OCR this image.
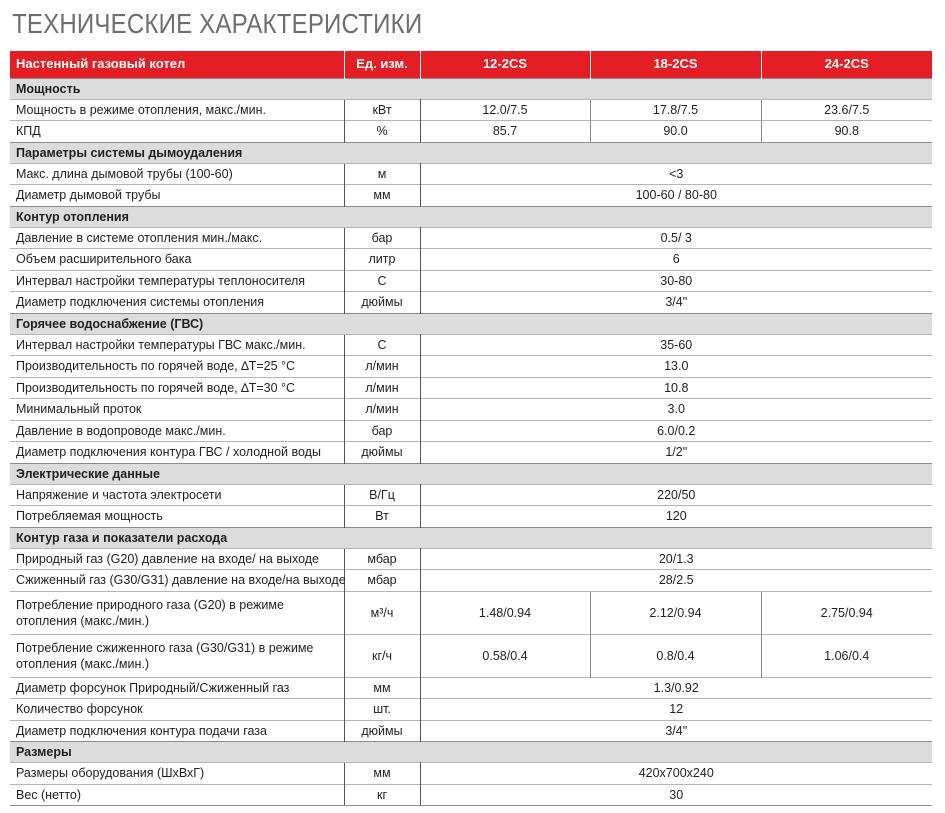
ТЕХНИЧЕСКИЕ ХАРАКТЕРИСТИКИ
Настенный газовый котел	Ед. изм.	12-2CS	18-2CS	24-2CS
Мощность				
Мощность в режиме отопления, макс./мин.	кВт	12.0/7.5	17.8/7.5	23.6/7.5
КПД	%	85.7	90.0	90.8
Параметры системы дымоудаления				
Макс. длина дымовой трубы (100-60)	м	<3		
Диаметр дымовой трубы	мм	100-60 / 80-80		
Контур отопления				
Давление в системе отопления мин./макс.	бар	0.5/ 3		
Объем расширительного бака	литр	6		
Интервал настройки температуры теплоносителя	C	30-80		
Диаметр подключения системы отопления	дюймы	3/4"		
Горячее водоснабжение (ГВС)				
Интервал настройки температуры ГВС макс./мин.	C	35-60		
Производительность по горячей воде, ∆T=25 °C	л/мин	13.0		
Производительность по горячей воде, ∆T=30 °C	л/мин	10.8		
Минимальный проток	л/мин	3.0		
Давление в водопроводе макс./мин.	бар	6.0/0.2		
Диаметр подключения контура ГВС / холодной воды	дюймы	1/2"		
Электрические данные				
Напряжение и частота электросети	В/Гц	220/50		
Потребляемая мощность	Вт	120		
Контур газа и показатели расхода				
Природный газ (G20) давление на входе/ на выходе	мбар	20/1.3		
Сжиженный газ (G30/G31) давление на входе/на выходе	мбар	28/2.5		
Потребление природного газа (G20) в режиме отопления (макс./мин.)	м³/ч	1.48/0.94	2.12/0.94	2.75/0.94
Потребление сжиженного газа (G30/G31) в режиме отопления (макс./мин.)	кг/ч	0.58/0.4	0.8/0.4	1.06/0.4
Диаметр форсунок Природный/Сжиженный газ	мм	1.3/0.92		
Количество форсунок	шт.	12		
Диаметр подключения контура подачи газа	дюймы	3/4"		
Размеры				
Размеры оборудования (ШхВхГ)	мм	420x700x240		
Вес (нетто)	кг	30		
